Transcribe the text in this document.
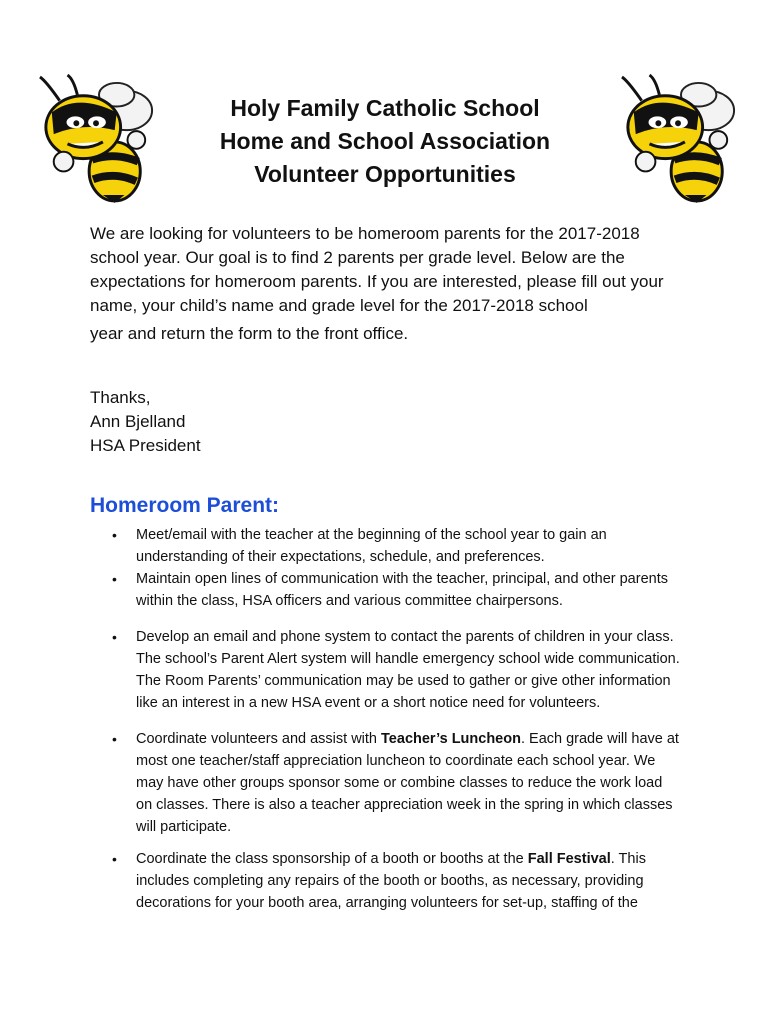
Holy Family Catholic School
Home and School Association
Volunteer Opportunities

We are looking for volunteers to be homeroom parents for the 2017-2018 school year. Our goal is to find 2 parents per grade level. Below are the expectations for homeroom parents. If you are interested, please fill out your name, your child’s name and grade level for the 2017-2018 school

year and return the form to the front office.
Thanks,
Ann Bjelland
HSA President
Homeroom Parent:
• Meet/email with the teacher at the beginning of the school year to gain an understanding of their expectations, schedule, and preferences.
• Maintain open lines of communication with the teacher, principal, and other parents within the class, HSA officers and various committee chairpersons.
• Develop an email and phone system to contact the parents of children in your class. The school’s Parent Alert system will handle emergency school wide communication. The Room Parents’ communication may be used to gather or give other information like an interest in a new HSA event or a short notice need for volunteers.
• Coordinate volunteers and assist with Teacher’s Luncheon. Each grade will have at most one teacher/staff appreciation luncheon to coordinate each school year. We may have other groups sponsor some or combine classes to reduce the work load on classes. There is also a teacher appreciation week in the spring in which classes will participate.
• Coordinate the class sponsorship of a booth or booths at the Fall Festival. This includes completing any repairs of the booth or booths, as necessary, providing decorations for your booth area, arranging volunteers for set-up, staffing of the
